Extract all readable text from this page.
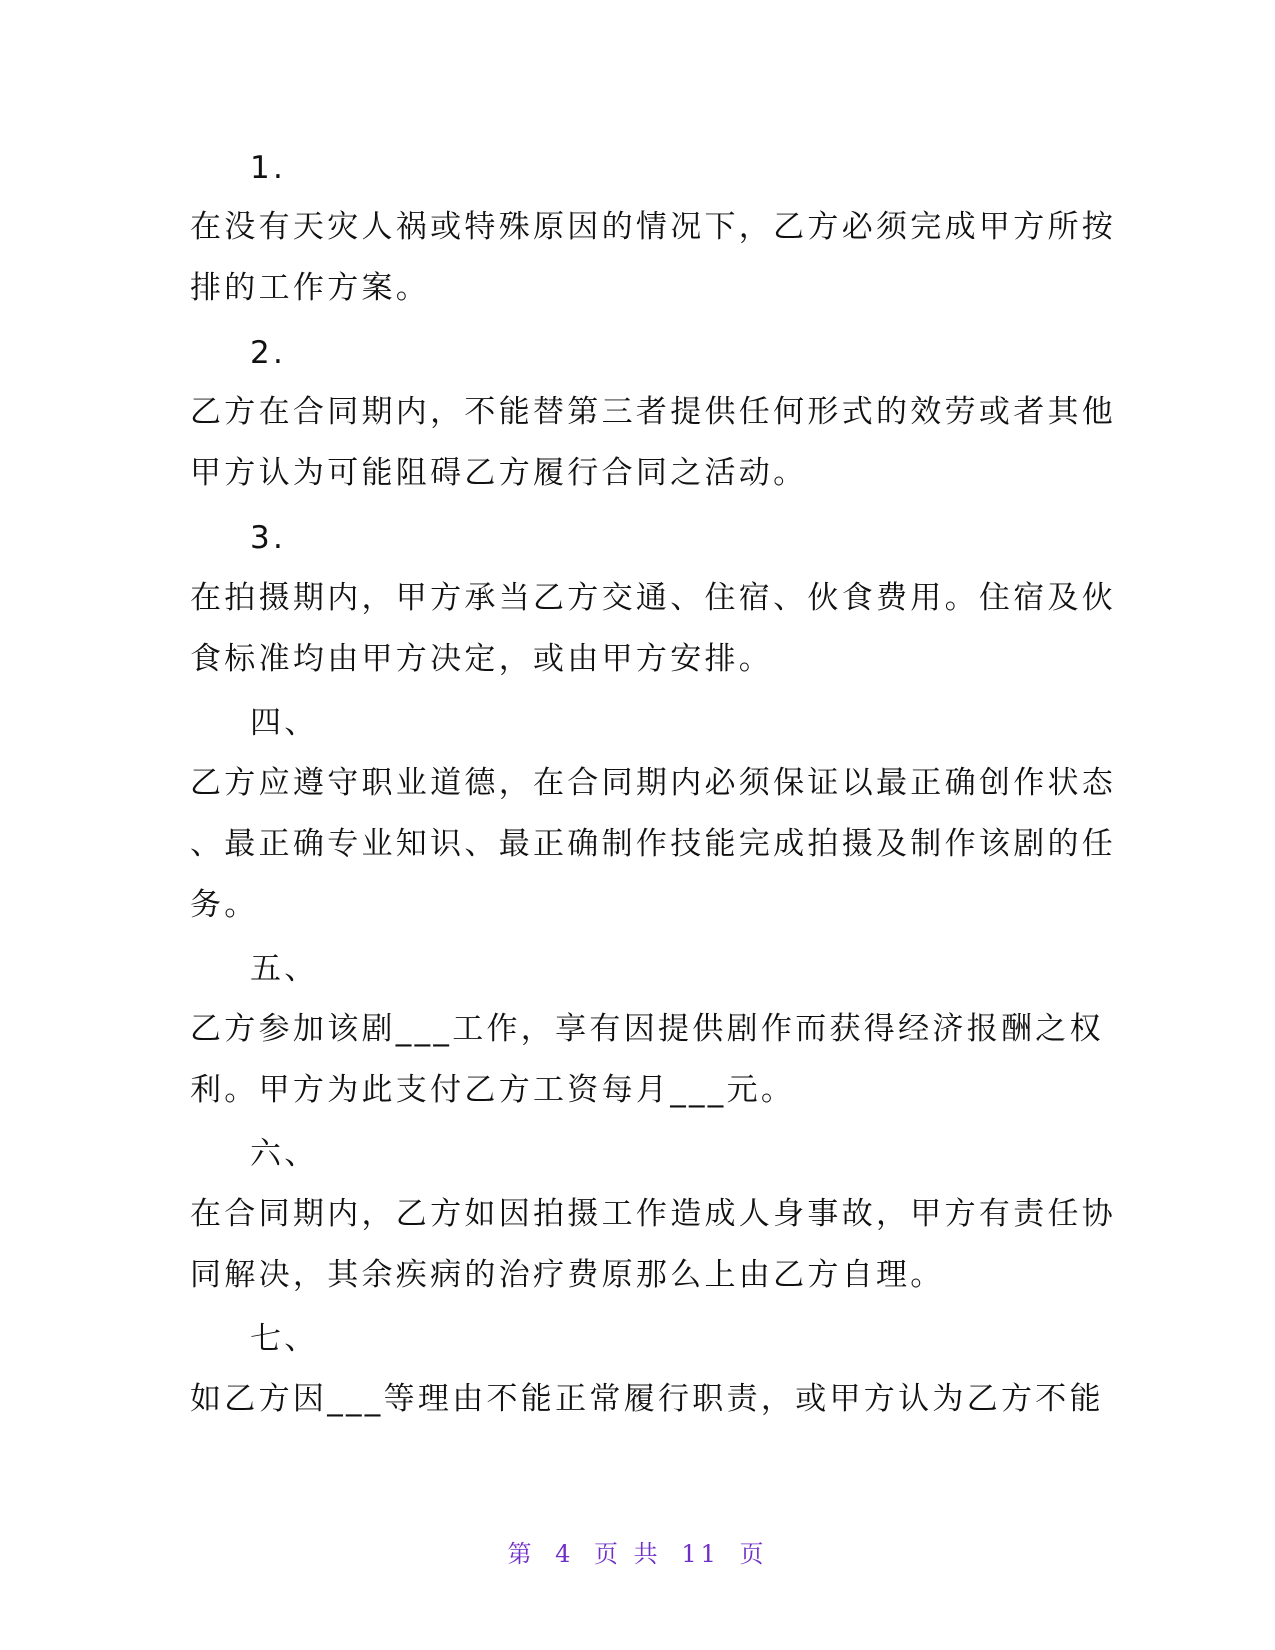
1.
在没有天灾人祸或特殊原因的情况下，乙方必须完成甲方所按
排的工作方案。
2.
乙方在合同期内，不能替第三者提供任何形式的效劳或者其他
甲方认为可能阻碍乙方履行合同之活动。
3.
在拍摄期内，甲方承当乙方交通、住宿、伙食费用。住宿及伙
食标准均由甲方决定，或由甲方安排。
四、
乙方应遵守职业道德，在合同期内必须保证以最正确创作状态
、最正确专业知识、最正确制作技能完成拍摄及制作该剧的任
务。
五、
乙方参加该剧___工作，享有因提供剧作而获得经济报酬之权
利。甲方为此支付乙方工资每月___元。
六、
在合同期内，乙方如因拍摄工作造成人身事故，甲方有责任协
同解决，其余疾病的治疗费原那么上由乙方自理。
七、
如乙方因___等理由不能正常履行职责，或甲方认为乙方不能
第 4 页 共 11 页
